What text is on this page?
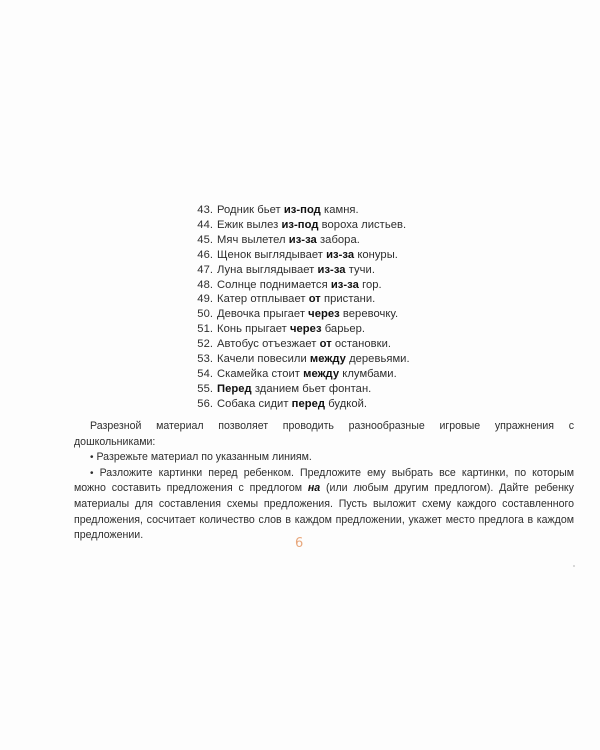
43. Родник бьет из-под камня.
44. Ежик вылез из-под вороха листьев.
45. Мяч вылетел из-за забора.
46. Щенок выглядывает из-за конуры.
47. Луна выглядывает из-за тучи.
48. Солнце поднимается из-за гор.
49. Катер отплывает от пристани.
50. Девочка прыгает через веревочку.
51. Конь прыгает через барьер.
52. Автобус отъезжает от остановки.
53. Качели повесили между деревьями.
54. Скамейка стоит между клумбами.
55. Перед зданием бьет фонтан.
56. Собака сидит перед будкой.

Разрезной материал позволяет проводить разнообразные игровые упражнения с дошкольниками:

• Разрежьте материал по указанным линиям.

• Разложите картинки перед ребенком. Предложите ему выбрать все картинки, по которым можно составить предложения с предлогом на (или любым другим предлогом). Дайте ребенку материалы для составления схемы предложения. Пусть выложит схему каждого составленного предложения, сосчитает количество слов в каждом предложении, укажет место предлога в каждом предложении.

6
